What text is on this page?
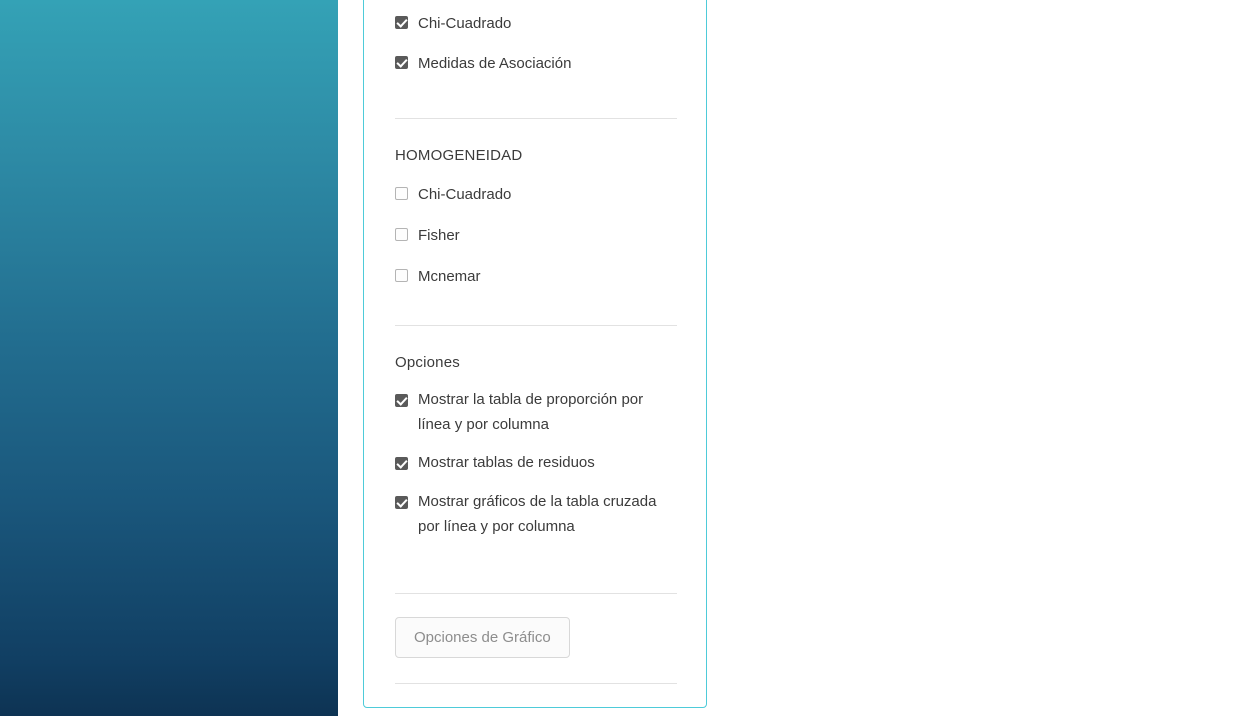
Chi-Cuadrado
Medidas de Asociación
HOMOGENEIDAD
Chi-Cuadrado
Fisher
Mcnemar
Opciones
Mostrar la tabla de proporción por línea y por columna
Mostrar tablas de residuos
Mostrar gráficos de la tabla cruzada por línea y por columna
Opciones de Gráfico
